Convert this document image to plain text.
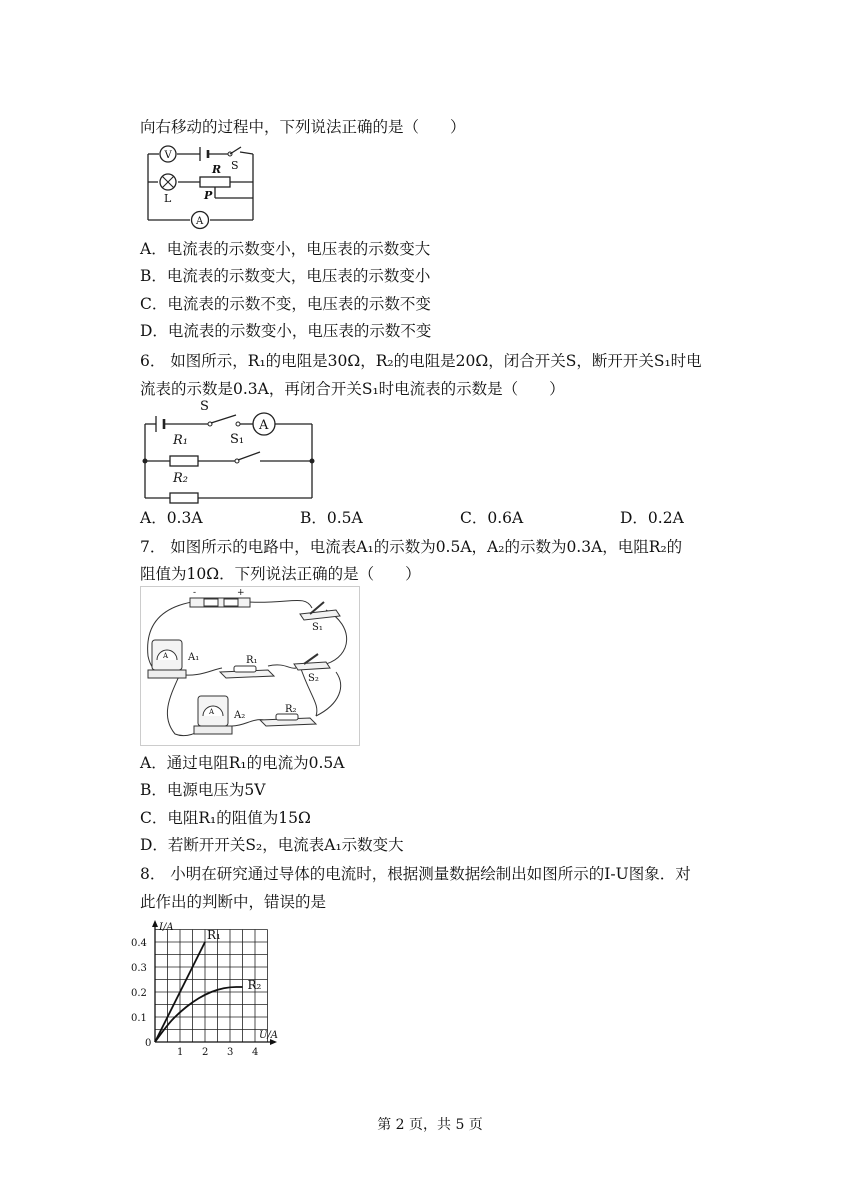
向右移动的过程中，下列说法正确的是（　　）
V
A
S
R
L	P
A．电流表的示数变小，电压表的示数变大
B．电流表的示数变大，电压表的示数变小
C．电流表的示数不变，电压表的示数不变
D．电流表的示数变小，电压表的示数不变
6． 如图所示，R₁的电阻是30Ω，R₂的电阻是20Ω，闭合开关S，断开开关S₁时电
流表的示数是0.3A，再闭合开关S₁时电流表的示数是（　　）
A
S
R₁	S₁
R₂
A．0.3A	B．0.5A	C．0.6A	D．0.2A
7． 如图所示的电路中，电流表A₁的示数为0.5A，A₂的示数为0.3A，电阻R₂的
阻值为10Ω．下列说法正确的是（　　）
-	+
S₁
A A₁	R₁
S₂
A A₂
R₂
A．通过电阻R₁的电流为0.5A
B．电源电压为5V
C．电阻R₁的阻值为15Ω
D．若断开开关S₂，电流表A₁示数变大
8． 小明在研究通过导体的电流时，根据测量数据绘制出如图所示的I-U图象．对
此作出的判断中，错误的是
1 2 3 4
0.1
0.2
0.3
0.4
0
U/A
I/A
R₁
R₂
第 2 页，共 5 页
